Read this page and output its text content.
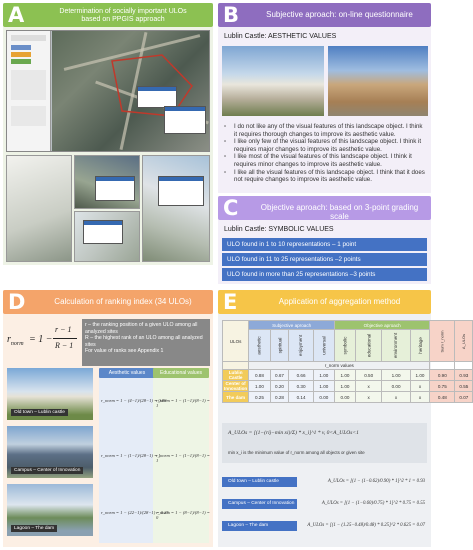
A	Determination of socially important ULOs
based on PPGIS approach	B	Subjective aproach: on-line questionnaire
Lublin Castle: AESTHETIC VALUES
▫ I do not like any of the visual features of this landscape object. I think it requires thorough changes to improve its aesthetic value.
▫ I like only few of the visual features of this landscape object. I think it requires major changes to improve its aesthetic value.
▫ I like most of the visual features of this landscape object. I think it requires minor changes to improve its aesthetic value.
▫ I like all the visual features of this landscape object. I think that it does not require changes to improve its aesthetic value.
C	Objective aproach: based on 3-point grading scale
Lublin Castle: SYMBOLIC VALUES
ULO found in 1 to 10 representations – 1 point
ULO found in 11 to 25 representations –2 points
ULO found in more than 25 representations –3 points
D	Calculation of ranking index (34 ULOs)
$r_{norm} = 1$ −
r − 1
R − 1
r – the ranking position of a given ULO among all analyzed sites
R – the highest rank of an ULO among all analyzed sites
For value of ranks see Appendix 1
Old town – Lublin castle
Campus – Center of Innovation
Lagoon – The dam
Aesthetic values	Educational values
r_norm = 1 − (4−1)/(28−1) = 0.89
r_norm = 1 − (1−1)/(8−1) = 1
r_norm = 1 − (1−1)/(28−1) = 1
r_norm = 1 − (1−1)/(8−1) = 1
r_norm = 1 − (22−1)/(28−1) = 0.25
r_norm = 1 − (8−1)/(8−1) = 0
E	Application of aggregation method
ULOs	Subjective aproach				Objective aproach				Sum r_norm	A_ULOs

	aesthetic	spiritual	enjoyment	universal	symbolic	educational	environment	heritage		

	r_norm values									
Lublin Castle	0.88	0.67	0.66	1.00	1.00	0.50	1.00	1.00	0.90	0.93
Center of Innovation	1.00	0.20	0.30	1.00	1.00	x	0.00	x	0.75	0.55
The dam	0.25	0.28	0.14	0.00	0.00	x	x	x	0.48	0.07
A_ULOs = [(1−(rij−min xi)/Σ) * x_i]^1 * v, 0<A_ULOs<1
min x_i is the minimum value of r_norm among all objects or given site
Old town – Lublin castle	A_ULOs = [(1 − (1−0.62)/0.90) * 1]^2 * 1 = 0.93
Campus – Center of Innovation	A_ULOs = [(1 − (1−0.60)/0.75) * 1]^2 * 0.75 = 0.55
Lagoon – The dam	A_ULOs = [(1 − (1.25−0.48)/0.48) * 0.25]^2 * 0.625 = 0.07
